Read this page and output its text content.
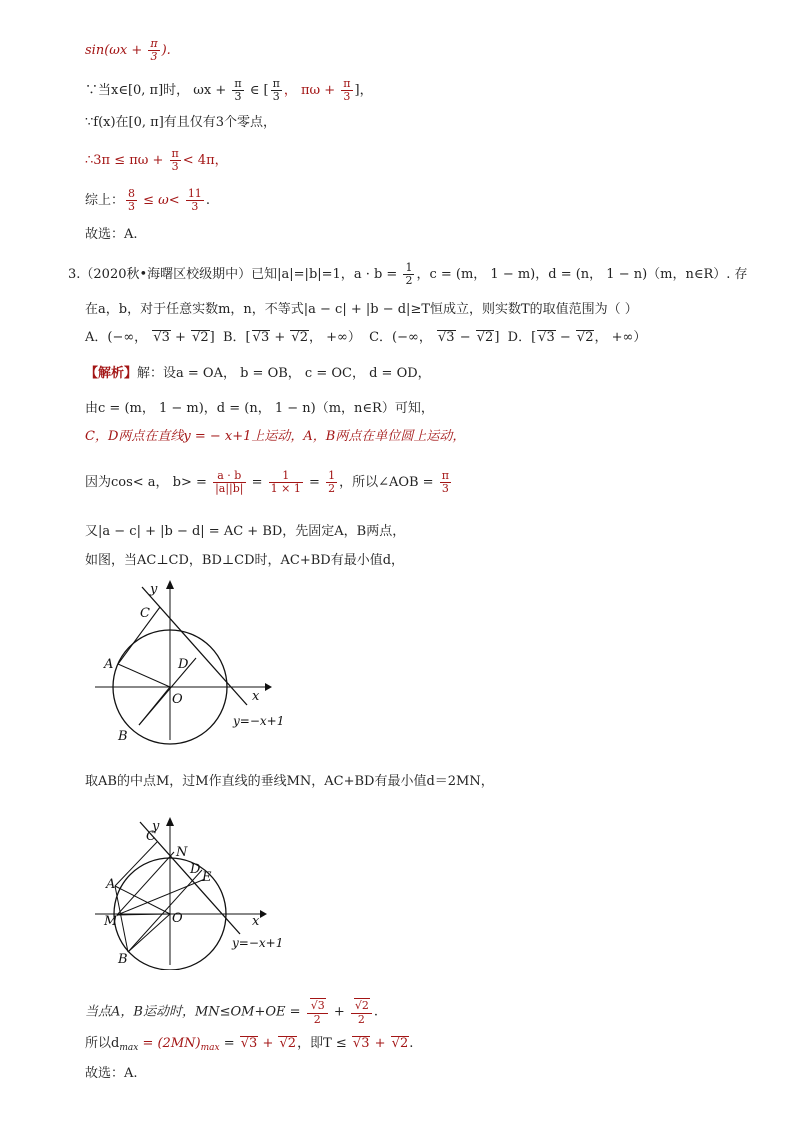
$\sin(\omega x + \frac{\pi}{3}$ ).
∵当x∈[0, π]时， $\omega x + \frac{\pi}{3}$ ∈ [ $\frac{\pi}{3}$ ， $\pi\omega + \frac{\pi}{3}$ ]，
∵f(x)在[0, π]有且仅有3个零点，
∴3π ≤ $\pi\omega + \frac{\pi}{3} < 4\pi$，
综上： $\frac{8}{3} \le \omega< \frac{11}{3}$ .
故选：A.
3.（2020秋•海曙区校级期中）已知|a|=|b|=1，$a \cdot b = \frac{1}{2}$ ，c = (m， 1 − m)，d = (n， 1 − n)（m，n∈R）. 存
在a，b，对于任意实数m，n，不等式|a − c| + |b − d|≥T恒成立，则实数T的取值范围为（ ）
A．(−∞， √ 3 + √ 2] B．[ √ 3 + √ 2， +∞） C．(−∞， √ 3 − √ 2] D．[ √ 3 − √ 2， +∞）
【解析】解：设a = OA， b = OB， c = OC， d = OD，
由c = (m， 1 − m)，d = (n， 1 − n)（m，n∈R）可知，
C，D两点在直线y = − x+1上运动，A，B两点在单位圆上运动，
因为cos< a， $b> = \frac{a \cdot b}{|a||b|} = \frac{1}{1 \times 1} = \frac{1}{2}$ ，所以∠AOB = $\frac{\pi}{3}$
又|a − c| + |b − d| = AC + BD，先固定A，B两点，
如图，当AC⊥CD，BD⊥CD时，AC+BD有最小值d，
y
C
A	D
O	x
B
y=−x+1
取AB的中点M，过M作直线的垂线MN，AC+BD有最小值d＝2MN，
y
C
N
D
E
A
M	O	x
B
y=−x+1
当点A，B运动时，MN≤OM+OE = √ $\frac{3}{2}$ + √ $\frac{2}{2}$ .
所以$d_{max} = (2MN)_{max}$ = √ 3 + √ 2，即T ≤ √ 3 + √ 2.
故选：A.
